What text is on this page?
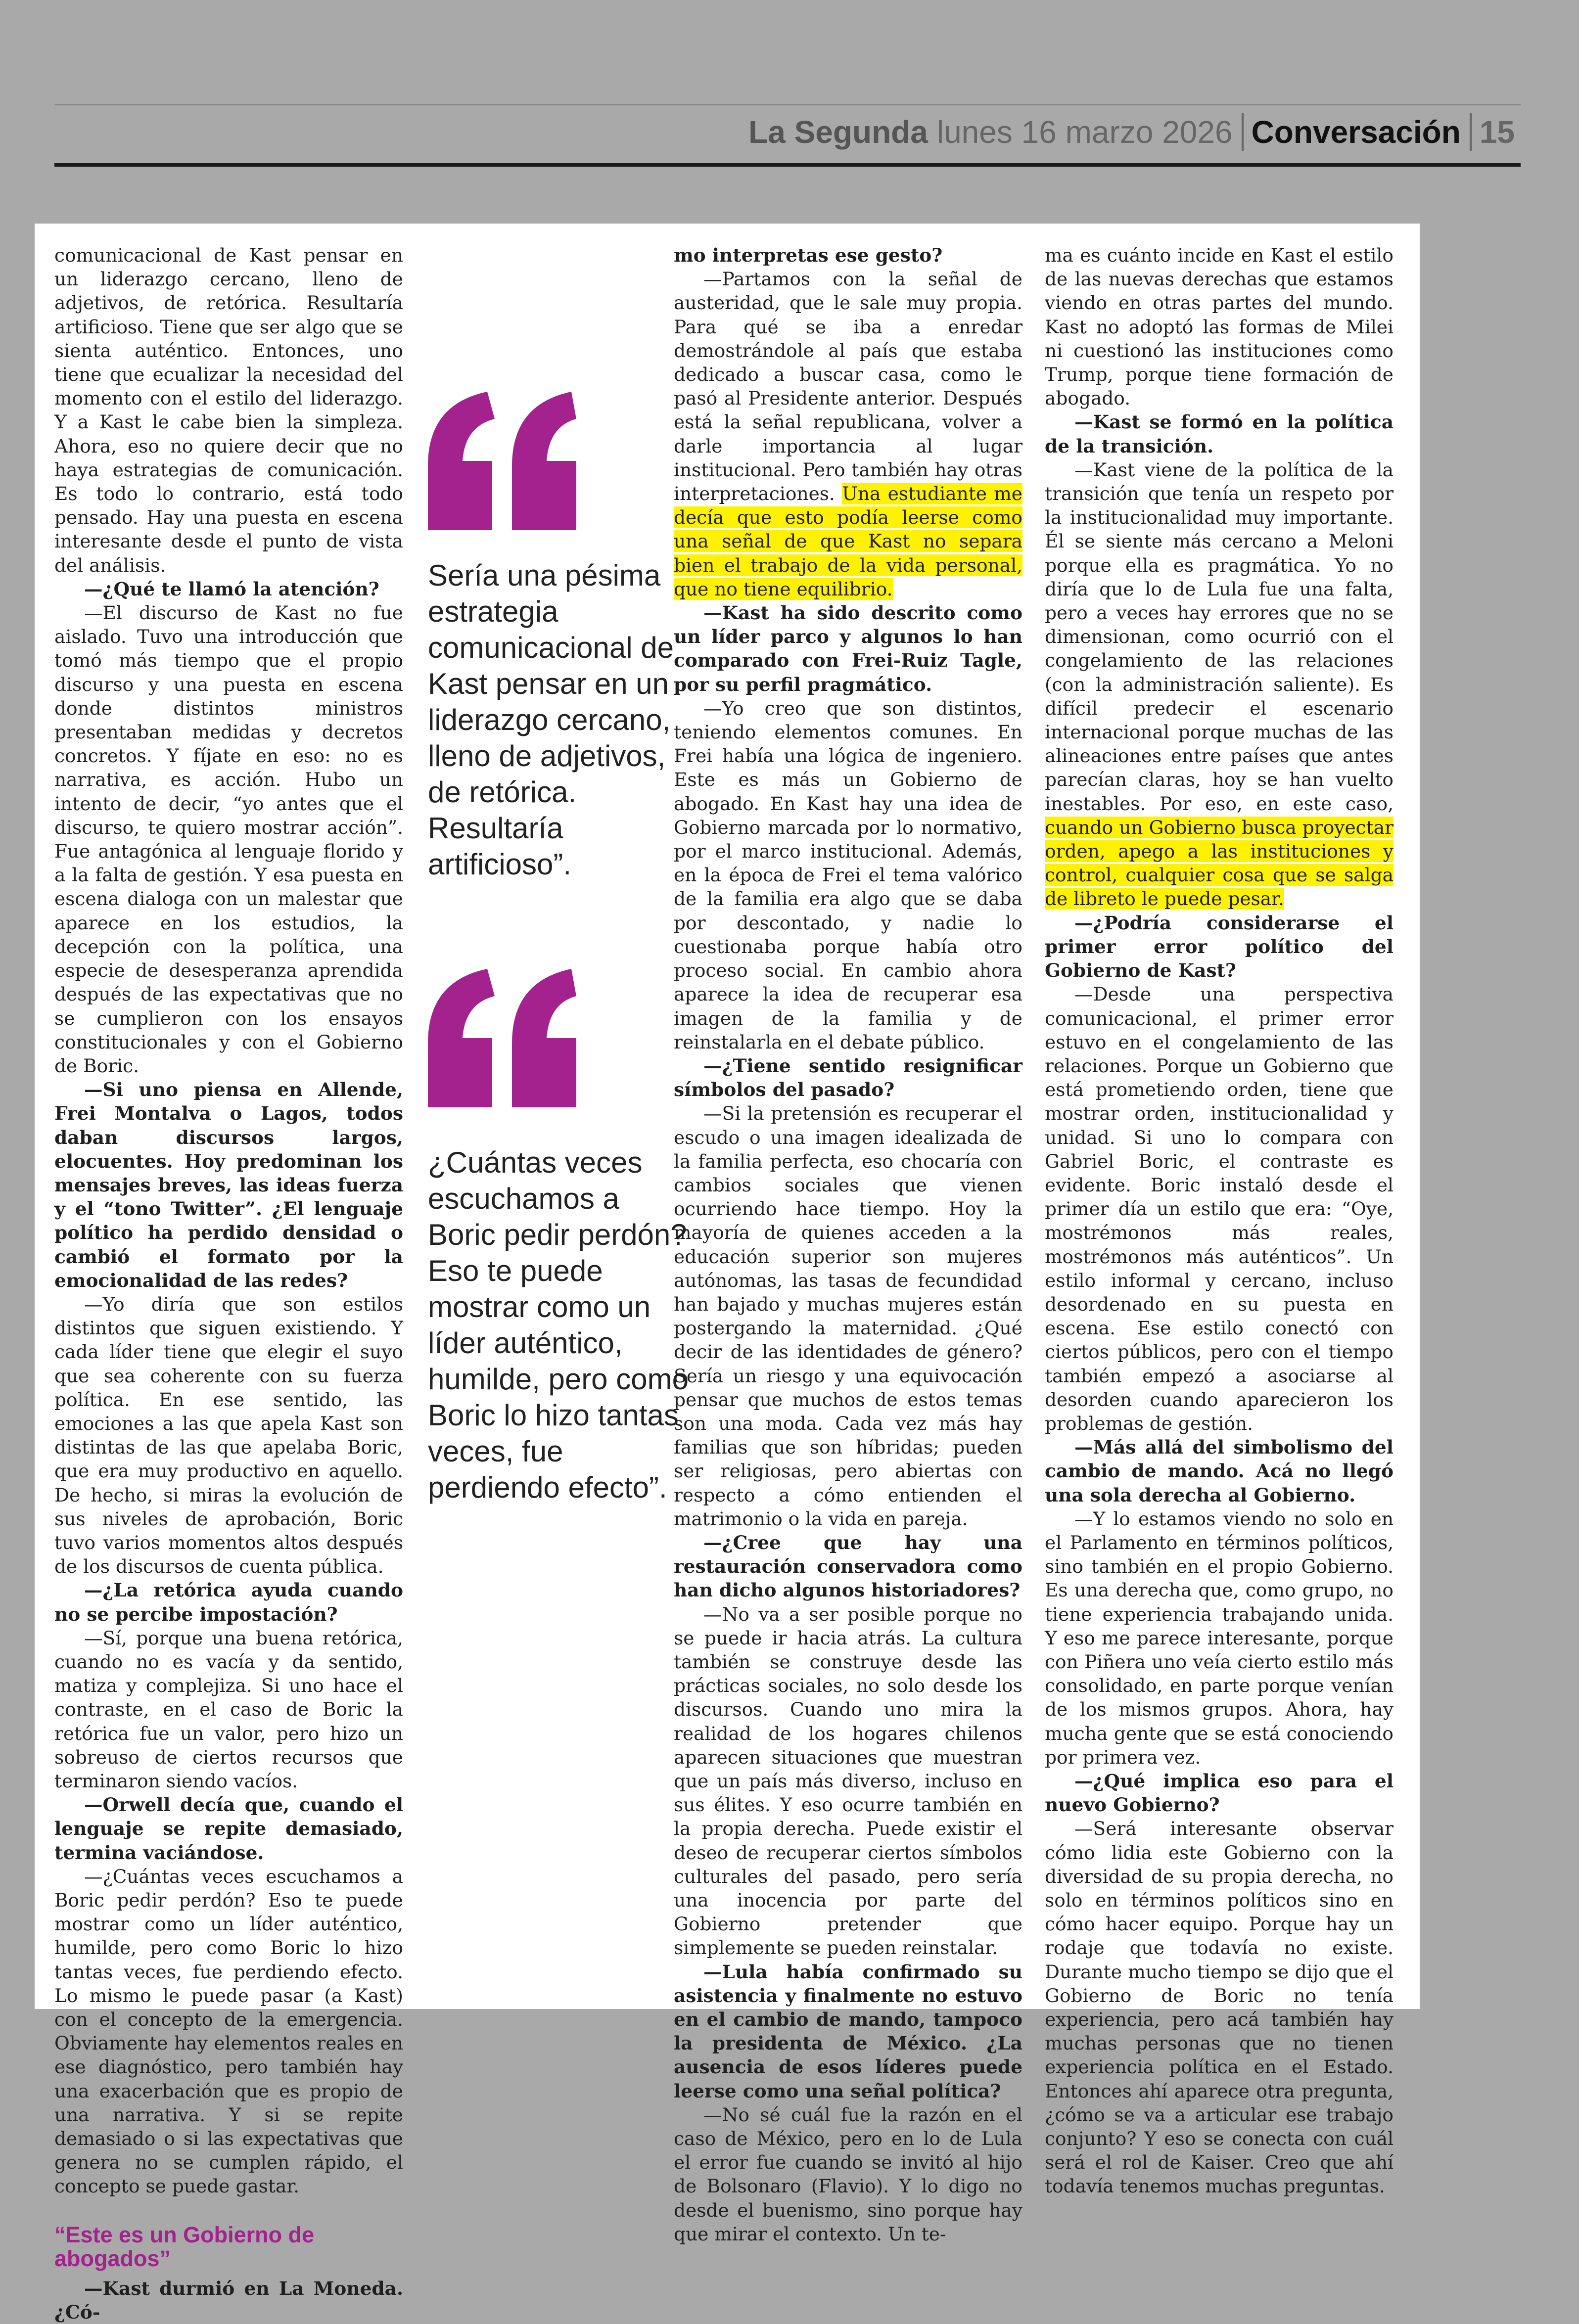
La Segunda lunes 16 marzo 2026 Conversación 15

comunicacional de Kast pensar en un liderazgo cercano, lleno de adjetivos, de retórica. Resultaría artificioso. Tiene que ser algo que se sienta auténtico. Entonces, uno tiene que ecualizar la necesidad del momento con el estilo del liderazgo. Y a Kast le cabe bien la simpleza. Ahora, eso no quiere decir que no haya estrategias de comunicación. Es todo lo contrario, está todo pensado. Hay una puesta en escena interesante desde el punto de vista del análisis.

—¿Qué te llamó la atención?

—El discurso de Kast no fue aislado. Tuvo una introducción que tomó más tiempo que el propio discurso y una puesta en escena donde distintos ministros presentaban medidas y decretos concretos. Y fíjate en eso: no es narrativa, es acción. Hubo un intento de decir, “yo antes que el discurso, te quiero mostrar acción”. Fue antagónica al lenguaje florido y a la falta de gestión. Y esa puesta en escena dialoga con un malestar que aparece en los estudios, la decepción con la política, una especie de desesperanza aprendida después de las expectativas que no se cumplieron con los ensayos constitucionales y con el Gobierno de Boric.

—Si uno piensa en Allende, Frei Montalva o Lagos, todos daban discursos largos, elocuentes. Hoy predominan los mensajes breves, las ideas fuerza y el “tono Twitter”. ¿El lenguaje político ha perdido densidad o cambió el formato por la emocionalidad de las redes?

—Yo diría que son estilos distintos que siguen existiendo. Y cada líder tiene que elegir el suyo que sea coherente con su fuerza política. En ese sentido, las emociones a las que apela Kast son distintas de las que apelaba Boric, que era muy productivo en aquello. De hecho, si miras la evolución de sus niveles de aprobación, Boric tuvo varios momentos altos después de los discursos de cuenta pública.

—¿La retórica ayuda cuando no se percibe impostación?

—Sí, porque una buena retórica, cuando no es vacía y da sentido, matiza y complejiza. Si uno hace el contraste, en el caso de Boric la retórica fue un valor, pero hizo un sobreuso de ciertos recursos que terminaron siendo vacíos.

—Orwell decía que, cuando el lenguaje se repite demasiado, termina vaciándose.

—¿Cuántas veces escuchamos a Boric pedir perdón? Eso te puede mostrar como un líder auténtico, humilde, pero como Boric lo hizo tantas veces, fue perdiendo efecto. Lo mismo le puede pasar (a Kast) con el concepto de la emergencia. Obviamente hay elementos reales en ese diagnóstico, pero también hay una exacerbación que es propio de una narrativa. Y si se repite demasiado o si las expectativas que genera no se cumplen rápido, el concepto se puede gastar.

“Este es un Gobierno de abogados”

—Kast durmió en La Moneda. ¿Có-

Sería una pésima estrategia comunicacional de Kast pensar en un liderazgo cercano, lleno de adjetivos, de retórica. Resultaría artificioso”.
¿Cuántas veces escuchamos a Boric pedir perdón? Eso te puede mostrar como un líder auténtico, humilde, pero como Boric lo hizo tantas veces, fue perdiendo efecto”.

mo interpretas ese gesto?

—Partamos con la señal de austeridad, que le sale muy propia. Para qué se iba a enredar demostrándole al país que estaba dedicado a buscar casa, como le pasó al Presidente anterior. Después está la señal republicana, volver a darle importancia al lugar institucional. Pero también hay otras interpretaciones. Una estudiante me decía que esto podía leerse como una señal de que Kast no separa bien el trabajo de la vida personal, que no tiene equilibrio.

—Kast ha sido descrito como un líder parco y algunos lo han comparado con Frei-Ruiz Tagle, por su perfil pragmático.

—Yo creo que son distintos, teniendo elementos comunes. En Frei había una lógica de ingeniero. Este es más un Gobierno de abogado. En Kast hay una idea de Gobierno marcada por lo normativo, por el marco institucional. Además, en la época de Frei el tema valórico de la familia era algo que se daba por descontado, y nadie lo cuestionaba porque había otro proceso social. En cambio ahora aparece la idea de recuperar esa imagen de la familia y de reinstalarla en el debate público.

—¿Tiene sentido resignificar símbolos del pasado?

—Si la pretensión es recuperar el escudo o una imagen idealizada de la familia perfecta, eso chocaría con cambios sociales que vienen ocurriendo hace tiempo. Hoy la mayoría de quienes acceden a la educación superior son mujeres autónomas, las tasas de fecundidad han bajado y muchas mujeres están postergando la maternidad. ¿Qué decir de las identidades de género? Sería un riesgo y una equivocación pensar que muchos de estos temas son una moda. Cada vez más hay familias que son híbridas; pueden ser religiosas, pero abiertas con respecto a cómo entienden el matrimonio o la vida en pareja.

—¿Cree que hay una restauración conservadora como han dicho algunos historiadores?

—No va a ser posible porque no se puede ir hacia atrás. La cultura también se construye desde las prácticas sociales, no solo desde los discursos. Cuando uno mira la realidad de los hogares chilenos aparecen situaciones que muestran que un país más diverso, incluso en sus élites. Y eso ocurre también en la propia derecha. Puede existir el deseo de recuperar ciertos símbolos culturales del pasado, pero sería una inocencia por parte del Gobierno pretender que simplemente se pueden reinstalar.

—Lula había confirmado su asistencia y finalmente no estuvo en el cambio de mando, tampoco la presidenta de México. ¿La ausencia de esos líderes puede leerse como una señal política?

—No sé cuál fue la razón en el caso de México, pero en lo de Lula el error fue cuando se invitó al hijo de Bolsonaro (Flavio). Y lo digo no desde el buenismo, sino porque hay que mirar el contexto. Un te-

ma es cuánto incide en Kast el estilo de las nuevas derechas que estamos viendo en otras partes del mundo. Kast no adoptó las formas de Milei ni cuestionó las instituciones como Trump, porque tiene formación de abogado.

—Kast se formó en la política de la transición.

—Kast viene de la política de la transición que tenía un respeto por la institucionalidad muy importante. Él se siente más cercano a Meloni porque ella es pragmática. Yo no diría que lo de Lula fue una falta, pero a veces hay errores que no se dimensionan, como ocurrió con el congelamiento de las relaciones (con la administración saliente). Es difícil predecir el escenario internacional porque muchas de las alineaciones entre países que antes parecían claras, hoy se han vuelto inestables. Por eso, en este caso, cuando un Gobierno busca proyectar orden, apego a las instituciones y control, cualquier cosa que se salga de libreto le puede pesar.

—¿Podría considerarse el primer error político del Gobierno de Kast?

—Desde una perspectiva comunicacional, el primer error estuvo en el congelamiento de las relaciones. Porque un Gobierno que está prometiendo orden, tiene que mostrar orden, institucionalidad y unidad. Si uno lo compara con Gabriel Boric, el contraste es evidente. Boric instaló desde el primer día un estilo que era: “Oye, mostrémonos más reales, mostrémonos más auténticos”. Un estilo informal y cercano, incluso desordenado en su puesta en escena. Ese estilo conectó con ciertos públicos, pero con el tiempo también empezó a asociarse al desorden cuando aparecieron los problemas de gestión.

—Más allá del simbolismo del cambio de mando. Acá no llegó una sola derecha al Gobierno.

—Y lo estamos viendo no solo en el Parlamento en términos políticos, sino también en el propio Gobierno. Es una derecha que, como grupo, no tiene experiencia trabajando unida. Y eso me parece interesante, porque con Piñera uno veía cierto estilo más consolidado, en parte porque venían de los mismos grupos. Ahora, hay mucha gente que se está conociendo por primera vez.

—¿Qué implica eso para el nuevo Gobierno?

—Será interesante observar cómo lidia este Gobierno con la diversidad de su propia derecha, no solo en términos políticos sino en cómo hacer equipo. Porque hay un rodaje que todavía no existe. Durante mucho tiempo se dijo que el Gobierno de Boric no tenía experiencia, pero acá también hay muchas personas que no tienen experiencia política en el Estado. Entonces ahí aparece otra pregunta, ¿cómo se va a articular ese trabajo conjunto? Y eso se conecta con cuál será el rol de Kaiser. Creo que ahí todavía tenemos muchas preguntas.
